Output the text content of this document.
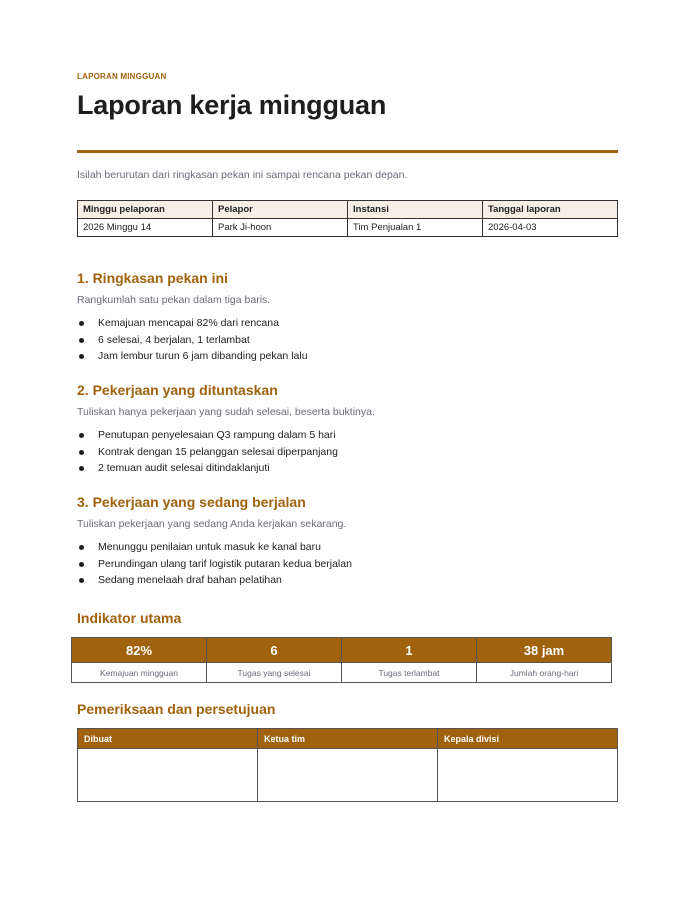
LAPORAN MINGGUAN
Laporan kerja mingguan
Isilah berurutan dari ringkasan pekan ini sampai rencana pekan depan.
Minggu pelaporan	Pelapor	Instansi	Tanggal laporan
2026 Minggu 14	Park Ji-hoon	Tim Penjualan 1	2026-04-03
1. Ringkasan pekan ini

Rangkumlah satu pekan dalam tiga baris.

Kemajuan mencapai 82% dari rencana
6 selesai, 4 berjalan, 1 terlambat
Jam lembur turun 6 jam dibanding pekan lalu
2. Pekerjaan yang dituntaskan

Tuliskan hanya pekerjaan yang sudah selesai, beserta buktinya.

Penutupan penyelesaian Q3 rampung dalam 5 hari
Kontrak dengan 15 pelanggan selesai diperpanjang
2 temuan audit selesai ditindaklanjuti
3. Pekerjaan yang sedang berjalan

Tuliskan pekerjaan yang sedang Anda kerjakan sekarang.

Menunggu penilaian untuk masuk ke kanal baru
Perundingan ulang tarif logistik putaran kedua berjalan
Sedang menelaah draf bahan pelatihan
Indikator utama
82%	6	1	38 jam
Kemajuan mingguan	Tugas yang selesai	Tugas terlambat	Jumlah orang-hari
Pemeriksaan dan persetujuan
Dibuat	Ketua tim	Kepala divisi
